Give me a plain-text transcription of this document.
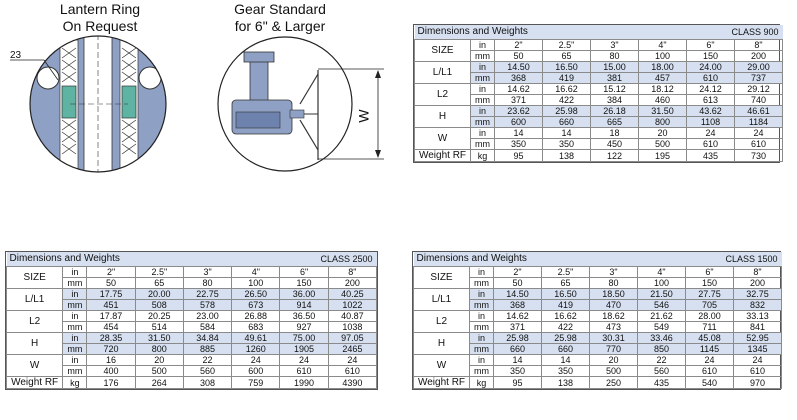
Lantern Ring
On Request
Gear Standard
for 6" & Larger
23
W
Dimensions and Weights					CLASS 900		
SIZE	in	2"	2.5"	3"	4"	6"	8"
	mm	50	65	80	100	150	200
L/L1	in	14.50	16.50	15.00	18.00	24.00	29.00
	mm	368	419	381	457	610	737
L2	in	14.62	16.62	15.12	18.12	24.12	29.12
	mm	371	422	384	460	613	740
H	in	23.62	25.98	26.18	31.50	43.62	46.61
	mm	600	660	665	800	1108	1184
W	in	14	14	18	20	24	24
	mm	350	350	450	500	610	610
Weight RF	kg	95	138	122	195	435	730
Dimensions and Weights					CLASS 2500		
SIZE	in	2"	2.5"	3"	4"	6"	8"
	mm	50	65	80	100	150	200
L/L1	in	17.75	20.00	22.75	26.50	36.00	40.25
	mm	451	508	578	673	914	1022
L2	in	17.87	20.25	23.00	26.88	36.50	40.87
	mm	454	514	584	683	927	1038
H	in	28.35	31.50	34.84	49.61	75.00	97.05
	mm	720	800	885	1260	1905	2465
W	in	16	20	22	24	24	24
	mm	400	500	560	600	610	610
Weight RF	kg	176	264	308	759	1990	4390
Dimensions and Weights					CLASS 1500		
SIZE	in	2"	2.5"	3"	4"	6"	8"
	mm	50	65	80	100	150	200
L/L1	in	14.50	16.50	18.50	21.50	27.75	32.75
	mm	368	419	470	546	705	832
L2	in	14.62	16.62	18.62	21.62	28.00	33.13
	mm	371	422	473	549	711	841
H	in	25.98	25.98	30.31	33.46	45.08	52.95
	mm	660	660	770	850	1145	1345
W	in	14	14	20	22	24	24
	mm	350	350	500	560	610	610
Weight RF	kg	95	138	250	435	540	970
